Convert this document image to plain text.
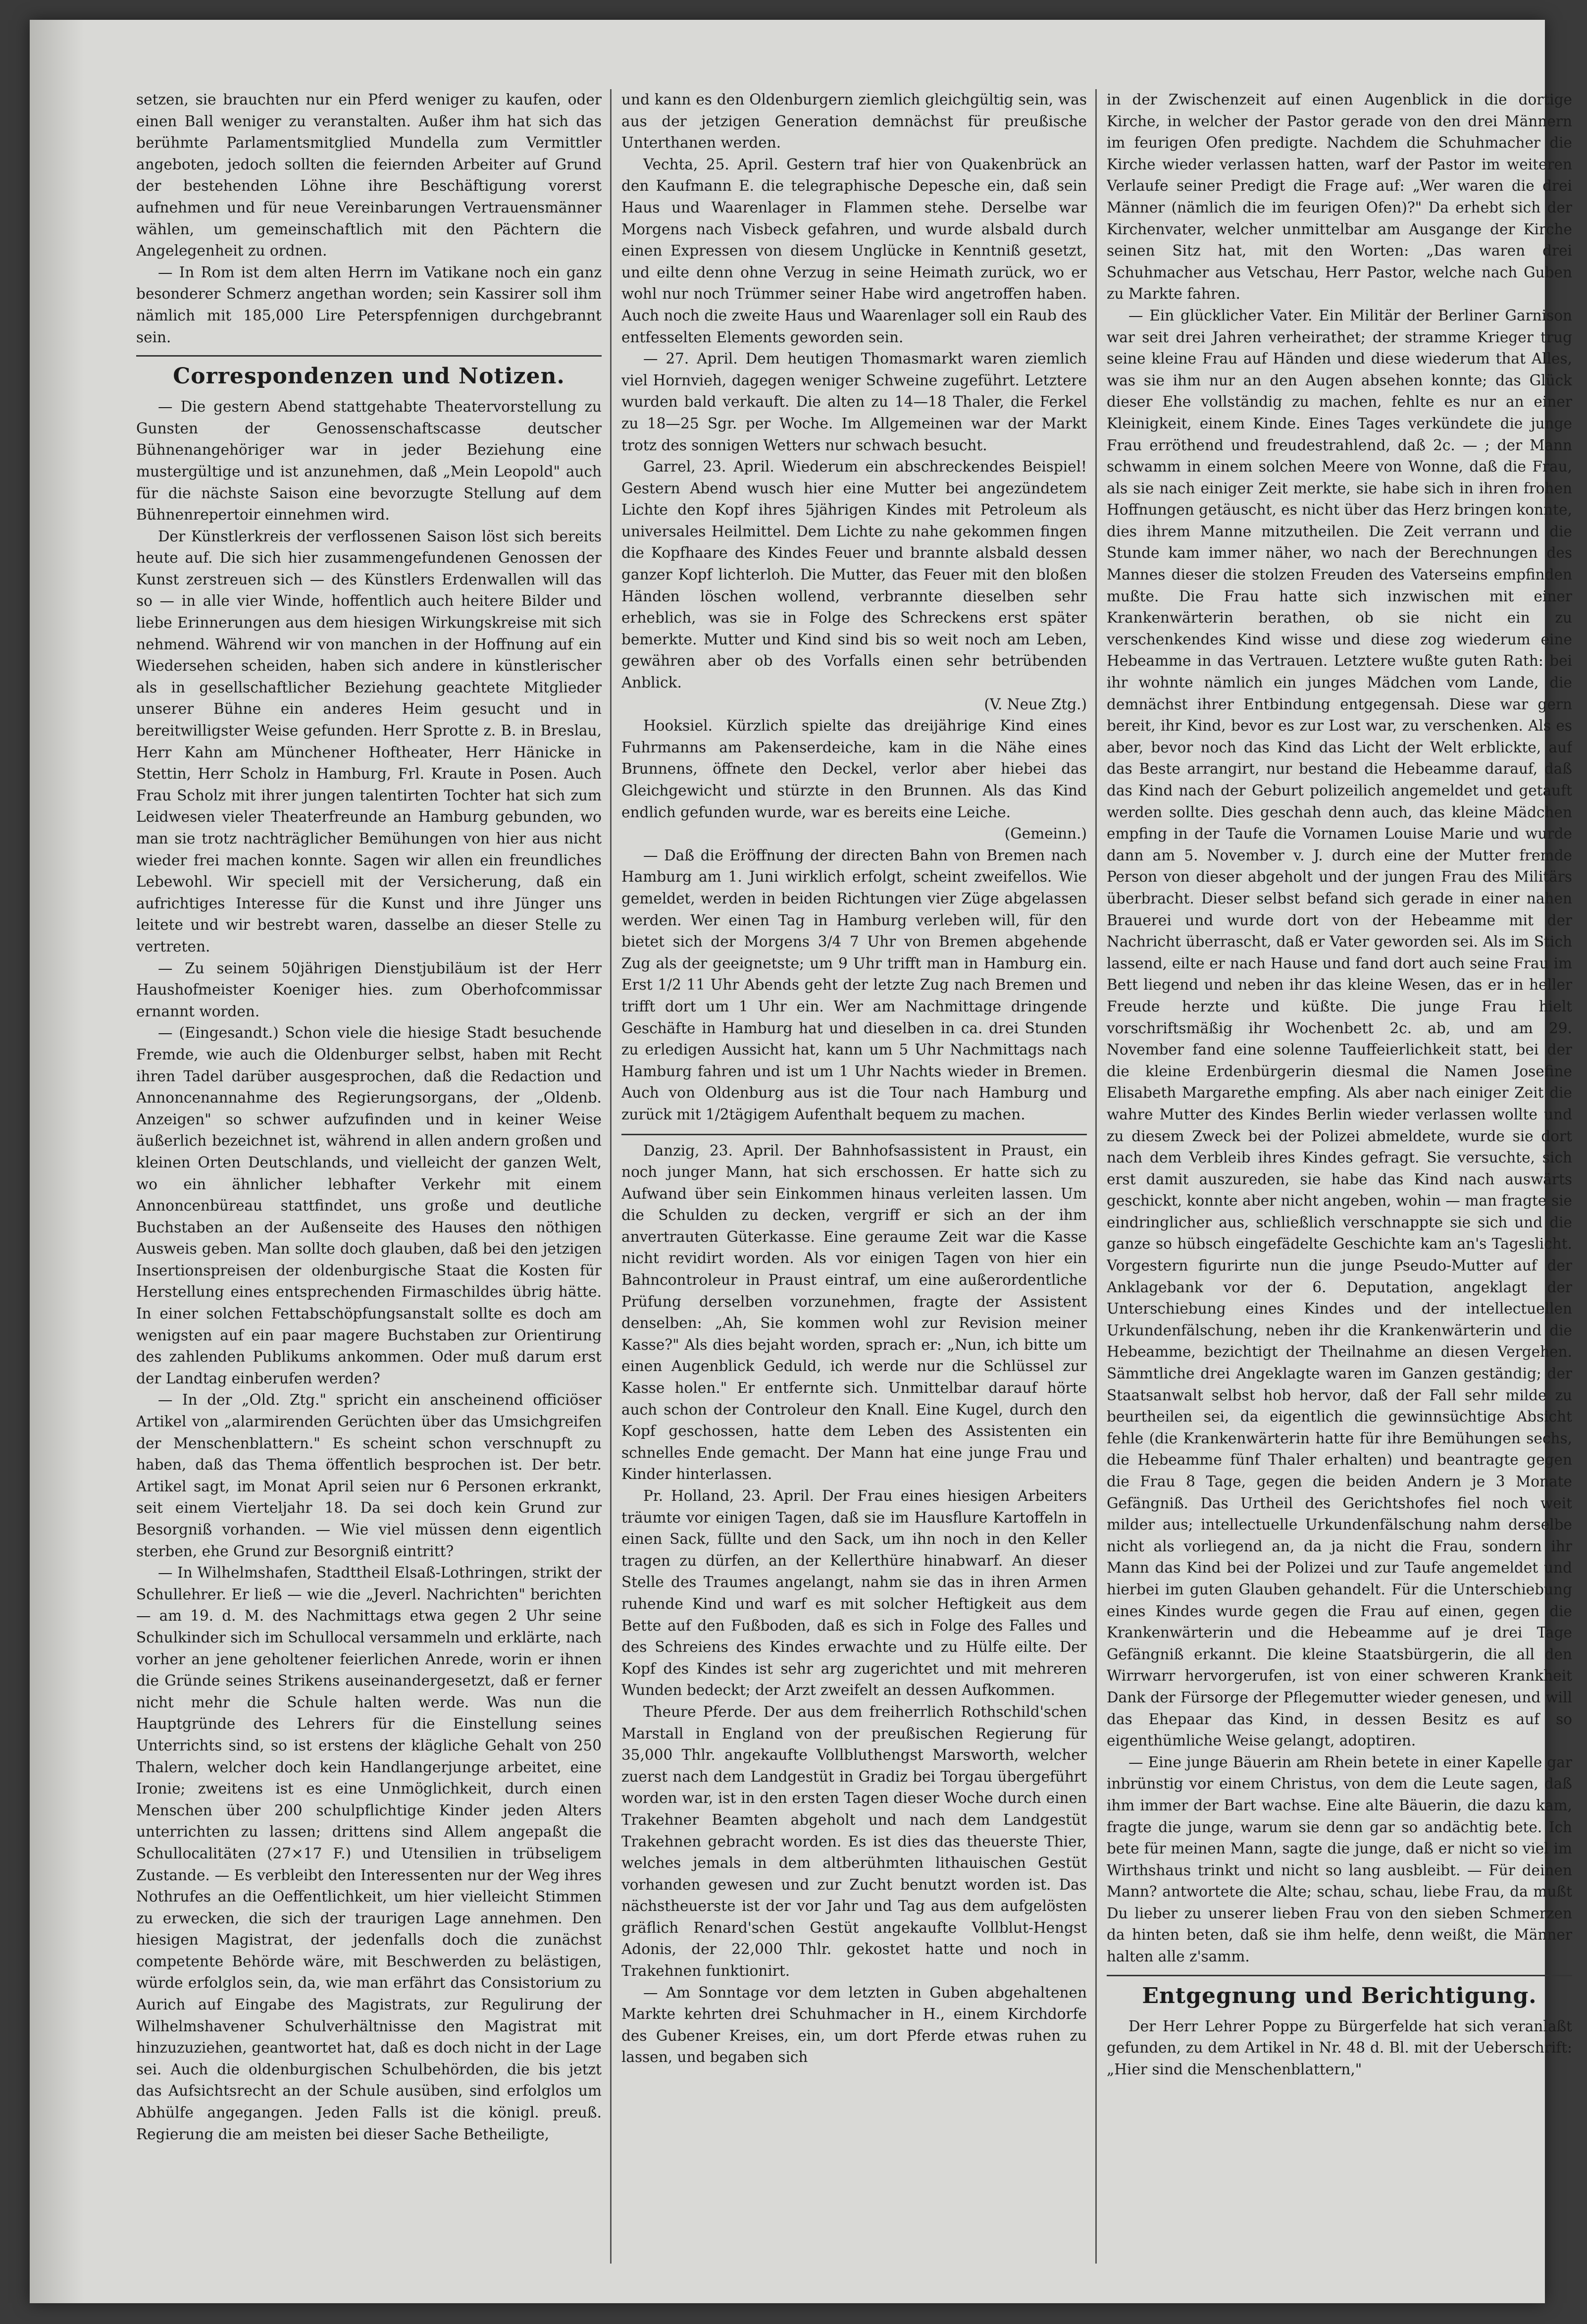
setzen, sie brauchten nur ein Pferd weniger zu kaufen, oder einen Ball weniger zu veranstalten. Außer ihm hat sich das berühmte Parlamentsmitglied Mundella zum Vermittler angeboten, jedoch sollten die feiernden Arbeiter auf Grund der bestehenden Löhne ihre Beschäftigung vorerst aufnehmen und für neue Vereinbarungen Vertrauensmänner wählen, um gemeinschaftlich mit den Pächtern die Angelegenheit zu ordnen.

— In Rom ist dem alten Herrn im Vatikane noch ein ganz besonderer Schmerz angethan worden; sein Kassirer soll ihm nämlich mit 185,000 Lire Peterspfennigen durchgebrannt sein.

Correspondenzen und Notizen.

— Die gestern Abend stattgehabte Theatervorstellung zu Gunsten der Genossenschaftscasse deutscher Bühnenangehöriger war in jeder Beziehung eine mustergültige und ist anzunehmen, daß „Mein Leopold" auch für die nächste Saison eine bevorzugte Stellung auf dem Bühnenrepertoir einnehmen wird.

Der Künstlerkreis der verflossenen Saison löst sich bereits heute auf. Die sich hier zusammengefundenen Genossen der Kunst zerstreuen sich — des Künstlers Erdenwallen will das so — in alle vier Winde, hoffentlich auch heitere Bilder und liebe Erinnerungen aus dem hiesigen Wirkungskreise mit sich nehmend. Während wir von manchen in der Hoffnung auf ein Wiedersehen scheiden, haben sich andere in künstlerischer als in gesellschaftlicher Beziehung geachtete Mitglieder unserer Bühne ein anderes Heim gesucht und in bereitwilligster Weise gefunden. Herr Sprotte z. B. in Breslau, Herr Kahn am Münchener Hoftheater, Herr Hänicke in Stettin, Herr Scholz in Hamburg, Frl. Kraute in Posen. Auch Frau Scholz mit ihrer jungen talentirten Tochter hat sich zum Leidwesen vieler Theaterfreunde an Hamburg gebunden, wo man sie trotz nachträglicher Bemühungen von hier aus nicht wieder frei machen konnte. Sagen wir allen ein freundliches Lebewohl. Wir speciell mit der Versicherung, daß ein aufrichtiges Interesse für die Kunst und ihre Jünger uns leitete und wir bestrebt waren, dasselbe an dieser Stelle zu vertreten.

— Zu seinem 50jährigen Dienstjubiläum ist der Herr Haushofmeister Koeniger hies. zum Oberhofcommissar ernannt worden.

— (Eingesandt.) Schon viele die hiesige Stadt besuchende Fremde, wie auch die Oldenburger selbst, haben mit Recht ihren Tadel darüber ausgesprochen, daß die Redaction und Annoncenannahme des Regierungsorgans, der „Oldenb. Anzeigen" so schwer aufzufinden und in keiner Weise äußerlich bezeichnet ist, während in allen andern großen und kleinen Orten Deutschlands, und vielleicht der ganzen Welt, wo ein ähnlicher lebhafter Verkehr mit einem Annoncenbüreau stattfindet, uns große und deutliche Buchstaben an der Außenseite des Hauses den nöthigen Ausweis geben. Man sollte doch glauben, daß bei den jetzigen Insertionspreisen der oldenburgische Staat die Kosten für Herstellung eines entsprechenden Firmaschildes übrig hätte. In einer solchen Fettabschöpfungsanstalt sollte es doch am wenigsten auf ein paar magere Buchstaben zur Orientirung des zahlenden Publikums ankommen. Oder muß darum erst der Landtag einberufen werden?

— In der „Old. Ztg." spricht ein anscheinend officiöser Artikel von „alarmirenden Gerüchten über das Umsichgreifen der Menschenblattern." Es scheint schon verschnupft zu haben, daß das Thema öffentlich besprochen ist. Der betr. Artikel sagt, im Monat April seien nur 6 Personen erkrankt, seit einem Vierteljahr 18. Da sei doch kein Grund zur Besorgniß vorhanden. — Wie viel müssen denn eigentlich sterben, ehe Grund zur Besorgniß eintritt?

— In Wilhelmshafen, Stadttheil Elsaß-Lothringen, strikt der Schullehrer. Er ließ — wie die „Jeverl. Nachrichten" berichten — am 19. d. M. des Nachmittags etwa gegen 2 Uhr seine Schulkinder sich im Schullocal versammeln und erklärte, nach vorher an jene geholtener feierlichen Anrede, worin er ihnen die Gründe seines Strikens auseinandergesetzt, daß er ferner nicht mehr die Schule halten werde. Was nun die Hauptgründe des Lehrers für die Einstellung seines Unterrichts sind, so ist erstens der klägliche Gehalt von 250 Thalern, welcher doch kein Handlangerjunge arbeitet, eine Ironie; zweitens ist es eine Unmöglichkeit, durch einen Menschen über 200 schulpflichtige Kinder jeden Alters unterrichten zu lassen; drittens sind Allem angepaßt die Schullocalitäten (27×17 F.) und Utensilien in trübseligem Zustande. — Es verbleibt den Interessenten nur der Weg ihres Nothrufes an die Oeffentlichkeit, um hier vielleicht Stimmen zu erwecken, die sich der traurigen Lage annehmen. Den hiesigen Magistrat, der jedenfalls doch die zunächst competente Behörde wäre, mit Beschwerden zu belästigen, würde erfolglos sein, da, wie man erfährt das Consistorium zu Aurich auf Eingabe des Magistrats, zur Regulirung der Wilhelmshavener Schulverhältnisse den Magistrat mit hinzuzuziehen, geantwortet hat, daß es doch nicht in der Lage sei. Auch die oldenburgischen Schulbehörden, die bis jetzt das Aufsichtsrecht an der Schule ausüben, sind erfolglos um Abhülfe angegangen. Jeden Falls ist die königl. preuß. Regierung die am meisten bei dieser Sache Betheiligte,

und kann es den Oldenburgern ziemlich gleichgültig sein, was aus der jetzigen Generation demnächst für preußische Unterthanen werden.

Vechta, 25. April. Gestern traf hier von Quakenbrück an den Kaufmann E. die telegraphische Depesche ein, daß sein Haus und Waarenlager in Flammen stehe. Derselbe war Morgens nach Visbeck gefahren, und wurde alsbald durch einen Expressen von diesem Unglücke in Kenntniß gesetzt, und eilte denn ohne Verzug in seine Heimath zurück, wo er wohl nur noch Trümmer seiner Habe wird angetroffen haben. Auch noch die zweite Haus und Waarenlager soll ein Raub des entfesselten Elements geworden sein.

— 27. April. Dem heutigen Thomasmarkt waren ziemlich viel Hornvieh, dagegen weniger Schweine zugeführt. Letztere wurden bald verkauft. Die alten zu 14—18 Thaler, die Ferkel zu 18—25 Sgr. per Woche. Im Allgemeinen war der Markt trotz des sonnigen Wetters nur schwach besucht.

Garrel, 23. April. Wiederum ein abschreckendes Beispiel! Gestern Abend wusch hier eine Mutter bei angezündetem Lichte den Kopf ihres 5jährigen Kindes mit Petroleum als universales Heilmittel. Dem Lichte zu nahe gekommen fingen die Kopfhaare des Kindes Feuer und brannte alsbald dessen ganzer Kopf lichterloh. Die Mutter, das Feuer mit den bloßen Händen löschen wollend, verbrannte dieselben sehr erheblich, was sie in Folge des Schreckens erst später bemerkte. Mutter und Kind sind bis so weit noch am Leben, gewähren aber ob des Vorfalls einen sehr betrübenden Anblick.

(V. Neue Ztg.)

Hooksiel. Kürzlich spielte das dreijährige Kind eines Fuhrmanns am Pakenserdeiche, kam in die Nähe eines Brunnens, öffnete den Deckel, verlor aber hiebei das Gleichgewicht und stürzte in den Brunnen. Als das Kind endlich gefunden wurde, war es bereits eine Leiche.

(Gemeinn.)

— Daß die Eröffnung der directen Bahn von Bremen nach Hamburg am 1. Juni wirklich erfolgt, scheint zweifellos. Wie gemeldet, werden in beiden Richtungen vier Züge abgelassen werden. Wer einen Tag in Hamburg verleben will, für den bietet sich der Morgens 3/4 7 Uhr von Bremen abgehende Zug als der geeignetste; um 9 Uhr trifft man in Hamburg ein. Erst 1/2 11 Uhr Abends geht der letzte Zug nach Bremen und trifft dort um 1 Uhr ein. Wer am Nachmittage dringende Geschäfte in Hamburg hat und dieselben in ca. drei Stunden zu erledigen Aussicht hat, kann um 5 Uhr Nachmittags nach Hamburg fahren und ist um 1 Uhr Nachts wieder in Bremen. Auch von Oldenburg aus ist die Tour nach Hamburg und zurück mit 1/2tägigem Aufenthalt bequem zu machen.

Danzig, 23. April. Der Bahnhofsassistent in Praust, ein noch junger Mann, hat sich erschossen. Er hatte sich zu Aufwand über sein Einkommen hinaus verleiten lassen. Um die Schulden zu decken, vergriff er sich an der ihm anvertrauten Güterkasse. Eine geraume Zeit war die Kasse nicht revidirt worden. Als vor einigen Tagen von hier ein Bahncontroleur in Praust eintraf, um eine außerordentliche Prüfung derselben vorzunehmen, fragte der Assistent denselben: „Ah, Sie kommen wohl zur Revision meiner Kasse?" Als dies bejaht worden, sprach er: „Nun, ich bitte um einen Augenblick Geduld, ich werde nur die Schlüssel zur Kasse holen." Er entfernte sich. Unmittelbar darauf hörte auch schon der Controleur den Knall. Eine Kugel, durch den Kopf geschossen, hatte dem Leben des Assistenten ein schnelles Ende gemacht. Der Mann hat eine junge Frau und Kinder hinterlassen.

Pr. Holland, 23. April. Der Frau eines hiesigen Arbeiters träumte vor einigen Tagen, daß sie im Hausflure Kartoffeln in einen Sack, füllte und den Sack, um ihn noch in den Keller tragen zu dürfen, an der Kellerthüre hinabwarf. An dieser Stelle des Traumes angelangt, nahm sie das in ihren Armen ruhende Kind und warf es mit solcher Heftigkeit aus dem Bette auf den Fußboden, daß es sich in Folge des Falles und des Schreiens des Kindes erwachte und zu Hülfe eilte. Der Kopf des Kindes ist sehr arg zugerichtet und mit mehreren Wunden bedeckt; der Arzt zweifelt an dessen Aufkommen.

Theure Pferde. Der aus dem freiherrlich Rothschild'schen Marstall in England von der preußischen Regierung für 35,000 Thlr. angekaufte Vollbluthengst Marsworth, welcher zuerst nach dem Landgestüt in Gradiz bei Torgau übergeführt worden war, ist in den ersten Tagen dieser Woche durch einen Trakehner Beamten abgeholt und nach dem Landgestüt Trakehnen gebracht worden. Es ist dies das theuerste Thier, welches jemals in dem altberühmten lithauischen Gestüt vorhanden gewesen und zur Zucht benutzt worden ist. Das nächstheuerste ist der vor Jahr und Tag aus dem aufgelösten gräflich Renard'schen Gestüt angekaufte Vollblut-Hengst Adonis, der 22,000 Thlr. gekostet hatte und noch in Trakehnen funktionirt.

— Am Sonntage vor dem letzten in Guben abgehaltenen Markte kehrten drei Schuhmacher in H., einem Kirchdorfe des Gubener Kreises, ein, um dort Pferde etwas ruhen zu lassen, und begaben sich

in der Zwischenzeit auf einen Augenblick in die dortige Kirche, in welcher der Pastor gerade von den drei Männern im feurigen Ofen predigte. Nachdem die Schuhmacher die Kirche wieder verlassen hatten, warf der Pastor im weiteren Verlaufe seiner Predigt die Frage auf: „Wer waren die drei Männer (nämlich die im feurigen Ofen)?" Da erhebt sich der Kirchenvater, welcher unmittelbar am Ausgange der Kirche seinen Sitz hat, mit den Worten: „Das waren drei Schuhmacher aus Vetschau, Herr Pastor, welche nach Guben zu Markte fahren.

— Ein glücklicher Vater. Ein Militär der Berliner Garnison war seit drei Jahren verheirathet; der stramme Krieger trug seine kleine Frau auf Händen und diese wiederum that Alles, was sie ihm nur an den Augen absehen konnte; das Glück dieser Ehe vollständig zu machen, fehlte es nur an einer Kleinigkeit, einem Kinde. Eines Tages verkündete die junge Frau erröthend und freudestrahlend, daß 2c. — ; der Mann schwamm in einem solchen Meere von Wonne, daß die Frau, als sie nach einiger Zeit merkte, sie habe sich in ihren frohen Hoffnungen getäuscht, es nicht über das Herz bringen konnte, dies ihrem Manne mitzutheilen. Die Zeit verrann und die Stunde kam immer näher, wo nach der Berechnungen des Mannes dieser die stolzen Freuden des Vaterseins empfinden mußte. Die Frau hatte sich inzwischen mit einer Krankenwärterin berathen, ob sie nicht ein zu verschenkendes Kind wisse und diese zog wiederum eine Hebeamme in das Vertrauen. Letztere wußte guten Rath: bei ihr wohnte nämlich ein junges Mädchen vom Lande, die demnächst ihrer Entbindung entgegensah. Diese war gern bereit, ihr Kind, bevor es zur Lost war, zu verschenken. Als es aber, bevor noch das Kind das Licht der Welt erblickte, auf das Beste arrangirt, nur bestand die Hebeamme darauf, daß das Kind nach der Geburt polizeilich angemeldet und getauft werden sollte. Dies geschah denn auch, das kleine Mädchen empfing in der Taufe die Vornamen Louise Marie und wurde dann am 5. November v. J. durch eine der Mutter fremde Person von dieser abgeholt und der jungen Frau des Militärs überbracht. Dieser selbst befand sich gerade in einer nahen Brauerei und wurde dort von der Hebeamme mit der Nachricht überrascht, daß er Vater geworden sei. Als im Stich lassend, eilte er nach Hause und fand dort auch seine Frau im Bett liegend und neben ihr das kleine Wesen, das er in heller Freude herzte und küßte. Die junge Frau hielt vorschriftsmäßig ihr Wochenbett 2c. ab, und am 29. November fand eine solenne Tauffeierlichkeit statt, bei der die kleine Erdenbürgerin diesmal die Namen Josefine Elisabeth Margarethe empfing. Als aber nach einiger Zeit die wahre Mutter des Kindes Berlin wieder verlassen wollte und zu diesem Zweck bei der Polizei abmeldete, wurde sie dort nach dem Verbleib ihres Kindes gefragt. Sie versuchte, sich erst damit auszureden, sie habe das Kind nach auswärts geschickt, konnte aber nicht angeben, wohin — man fragte sie eindringlicher aus, schließlich verschnappte sie sich und die ganze so hübsch eingefädelte Geschichte kam an's Tageslicht. Vorgestern figurirte nun die junge Pseudo-Mutter auf der Anklagebank vor der 6. Deputation, angeklagt der Unterschiebung eines Kindes und der intellectuellen Urkundenfälschung, neben ihr die Krankenwärterin und die Hebeamme, bezichtigt der Theilnahme an diesen Vergehen. Sämmtliche drei Angeklagte waren im Ganzen geständig; der Staatsanwalt selbst hob hervor, daß der Fall sehr milde zu beurtheilen sei, da eigentlich die gewinnsüchtige Absicht fehle (die Krankenwärterin hatte für ihre Bemühungen sechs, die Hebeamme fünf Thaler erhalten) und beantragte gegen die Frau 8 Tage, gegen die beiden Andern je 3 Monate Gefängniß. Das Urtheil des Gerichtshofes fiel noch weit milder aus; intellectuelle Urkundenfälschung nahm derselbe nicht als vorliegend an, da ja nicht die Frau, sondern ihr Mann das Kind bei der Polizei und zur Taufe angemeldet und hierbei im guten Glauben gehandelt. Für die Unterschiebung eines Kindes wurde gegen die Frau auf einen, gegen die Krankenwärterin und die Hebeamme auf je drei Tage Gefängniß erkannt. Die kleine Staatsbürgerin, die all den Wirrwarr hervorgerufen, ist von einer schweren Krankheit Dank der Fürsorge der Pflegemutter wieder genesen, und will das Ehepaar das Kind, in dessen Besitz es auf so eigenthümliche Weise gelangt, adoptiren.

— Eine junge Bäuerin am Rhein betete in einer Kapelle gar inbrünstig vor einem Christus, von dem die Leute sagen, daß ihm immer der Bart wachse. Eine alte Bäuerin, die dazu kam, fragte die junge, warum sie denn gar so andächtig bete. Ich bete für meinen Mann, sagte die junge, daß er nicht so viel im Wirthshaus trinkt und nicht so lang ausbleibt. — Für deinen Mann? antwortete die Alte; schau, schau, liebe Frau, da mußt Du lieber zu unserer lieben Frau von den sieben Schmerzen da hinten beten, daß sie ihm helfe, denn weißt, die Männer halten alle z'samm.

Entgegnung und Berichtigung.

Der Herr Lehrer Poppe zu Bürgerfelde hat sich veranlaßt gefunden, zu dem Artikel in Nr. 48 d. Bl. mit der Ueberschrift: „Hier sind die Menschenblattern,"
